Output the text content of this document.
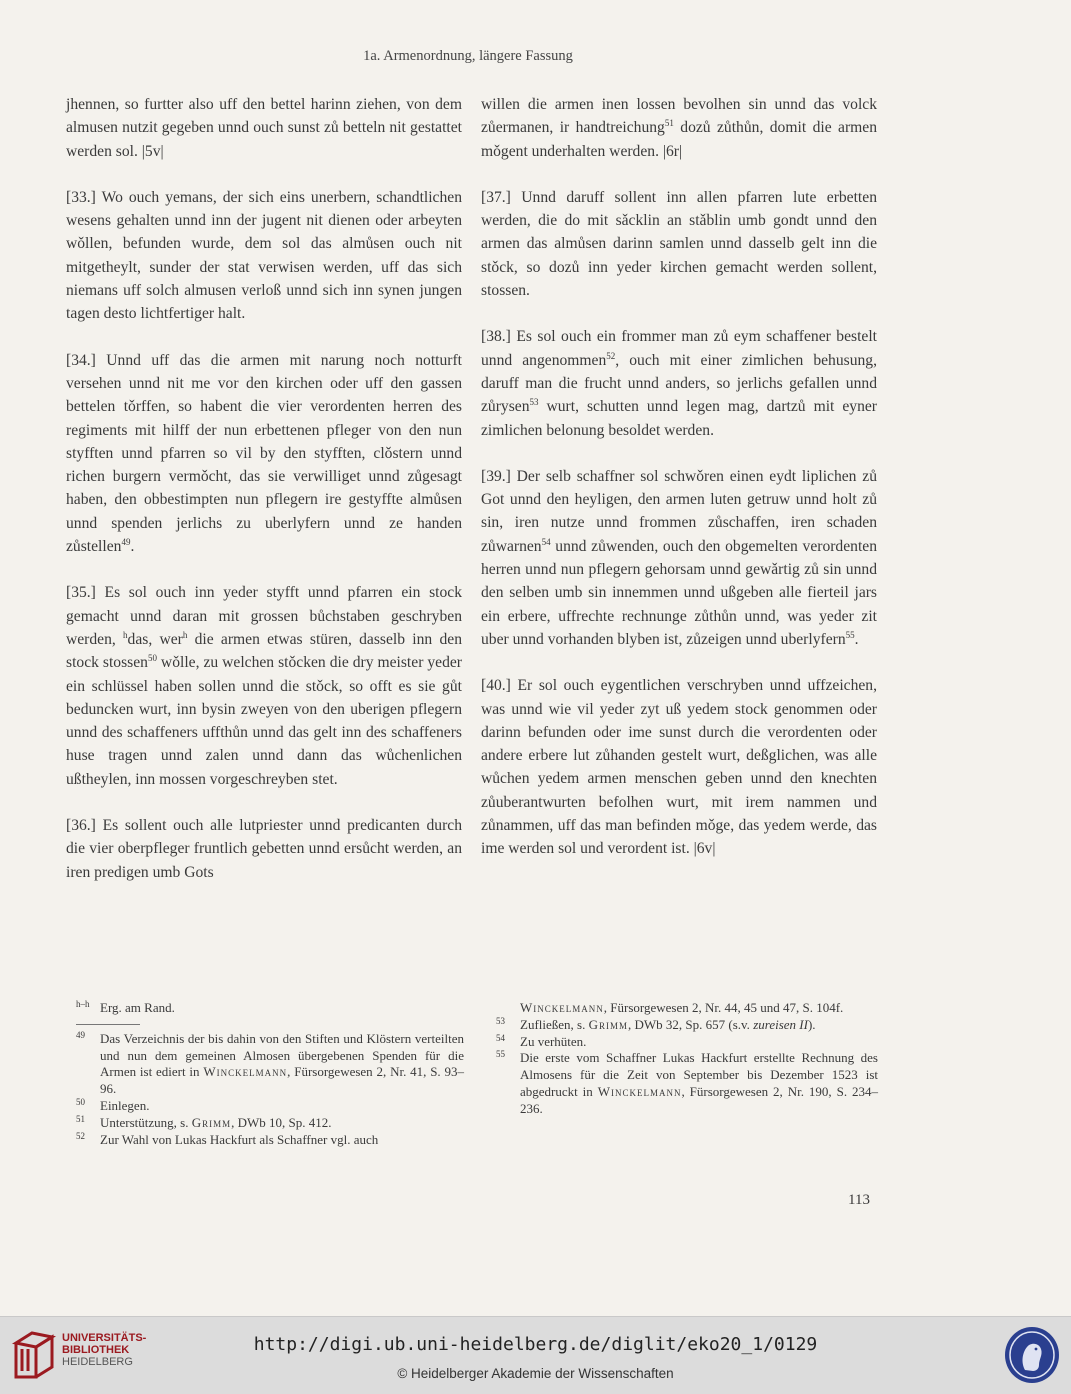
1a. Armenordnung, längere Fassung

jhennen, so furtter also uff den bettel harinn ziehen, von dem almusen nutzit gegeben unnd ouch sunst zů betteln nit gestattet werden sol. |5v|

[33.] Wo ouch yemans, der sich eins unerbern, schandtlichen wesens gehalten unnd inn der jugent nit dienen oder arbeyten wǒllen, befunden wurde, dem sol das almůsen ouch nit mitgetheylt, sunder der stat verwisen werden, uff das sich niemans uff solch almusen verloß unnd sich inn synen jungen tagen desto lichtfertiger halt.

[34.] Unnd uff das die armen mit narung noch notturft versehen unnd nit me vor den kirchen oder uff den gassen bettelen tǒrffen, so habent die vier verordenten herren des regiments mit hilff der nun erbettenen pfleger von den nun styfften unnd pfarren so vil by den styfften, clǒstern unnd richen burgern vermǒcht, das sie verwilliget unnd zůgesagt haben, den obbestimpten nun pflegern ire gestyffte almůsen unnd spenden jerlichs zu uberlyfern unnd ze handen zůstellen$^{49}$.

[35.] Es sol ouch inn yeder styfft unnd pfarren ein stock gemacht unnd daran mit grossen bůchstaben geschryben werden, $^h$das, wer$^h$ die armen etwas stüren, dasselb inn den stock stossen$^{50}$ wǒlle, zu welchen stǒcken die dry meister yeder ein schlüssel haben sollen unnd die stǒck, so offt es sie gůt beduncken wurt, inn bysin zweyen von den uberigen pflegern unnd des schaffeners uffthůn unnd das gelt inn des schaffeners huse tragen unnd zalen unnd dann das wůchenlichen ußtheylen, inn mossen vorgeschreyben stet.

[36.] Es sollent ouch alle lutpriester unnd predicanten durch die vier oberpfleger fruntlich gebetten unnd ersůcht werden, an iren predigen umb Gots

willen die armen inen lossen bevolhen sin unnd das volck zůermanen, ir handtreichung$^{51}$ dozů zůthůn, domit die armen mǒgent underhalten werden. |6r|

[37.] Unnd daruff sollent inn allen pfarren lute erbetten werden, die do mit sǎcklin an stǎblin umb gondt unnd den armen das almůsen darinn samlen unnd dasselb gelt inn die stǒck, so dozů inn yeder kirchen gemacht werden sollent, stossen.

[38.] Es sol ouch ein frommer man zů eym schaffener bestelt unnd angenommen$^{52}$, ouch mit einer zimlichen behusung, daruff man die frucht unnd anders, so jerlichs gefallen unnd zůrysen$^{53}$ wurt, schutten unnd legen mag, dartzů mit eyner zimlichen belonung besoldet werden.

[39.] Der selb schaffner sol schwǒren einen eydt liplichen zů Got unnd den heyligen, den armen luten getruw unnd holt zů sin, iren nutze unnd frommen zůschaffen, iren schaden zůwarnen$^{54}$ unnd zůwenden, ouch den obgemelten verordenten herren unnd nun pflegern gehorsam unnd gewǎrtig zů sin unnd den selben umb sin innemmen unnd ußgeben alle fierteil jars ein erbere, uffrechte rechnunge zůthůn unnd, was yeder zit uber unnd vorhanden blyben ist, zůzeigen unnd uberlyfern$^{55}$.

[40.] Er sol ouch eygentlichen verschryben unnd uffzeichen, was unnd wie vil yeder zyt uß yedem stock genommen oder darinn befunden oder ime sunst durch die verordenten oder andere erbere lut zůhanden gestelt wurt, deßglichen, was alle wůchen yedem armen menschen geben unnd den knechten zůuberantwurten befolhen wurt, mit irem nammen und zůnammen, uff das man befinden mǒge, das yedem werde, das ime werden sol und verordent ist. |6v|

h–h Erg. am Rand.

49 Das Verzeichnis der bis dahin von den Stiften und Klöstern verteilten und nun dem gemeinen Almosen übergebenen Spenden für die Armen ist ediert in Winckelmann, Fürsorgewesen 2, Nr. 41, S. 93–96.

50 Einlegen.

51 Unterstützung, s. Grimm, DWb 10, Sp. 412.

52 Zur Wahl von Lukas Hackfurt als Schaffner vgl. auch

Winckelmann, Fürsorgewesen 2, Nr. 44, 45 und 47, S. 104f.

53 Zufließen, s. Grimm, DWb 32, Sp. 657 (s.v. zureisen II).

54 Zu verhüten.

55 Die erste vom Schaffner Lukas Hackfurt erstellte Rechnung des Almosens für die Zeit von September bis Dezember 1523 ist abgedruckt in Winckelmann, Fürsorgewesen 2, Nr. 190, S. 234–236.

113
UNIVERSITÄTS-
BIBLIOTHEK
HEIDELBERG
http://digi.ub.uni-heidelberg.de/diglit/eko20_1/0129
© Heidelberger Akademie der Wissenschaften
